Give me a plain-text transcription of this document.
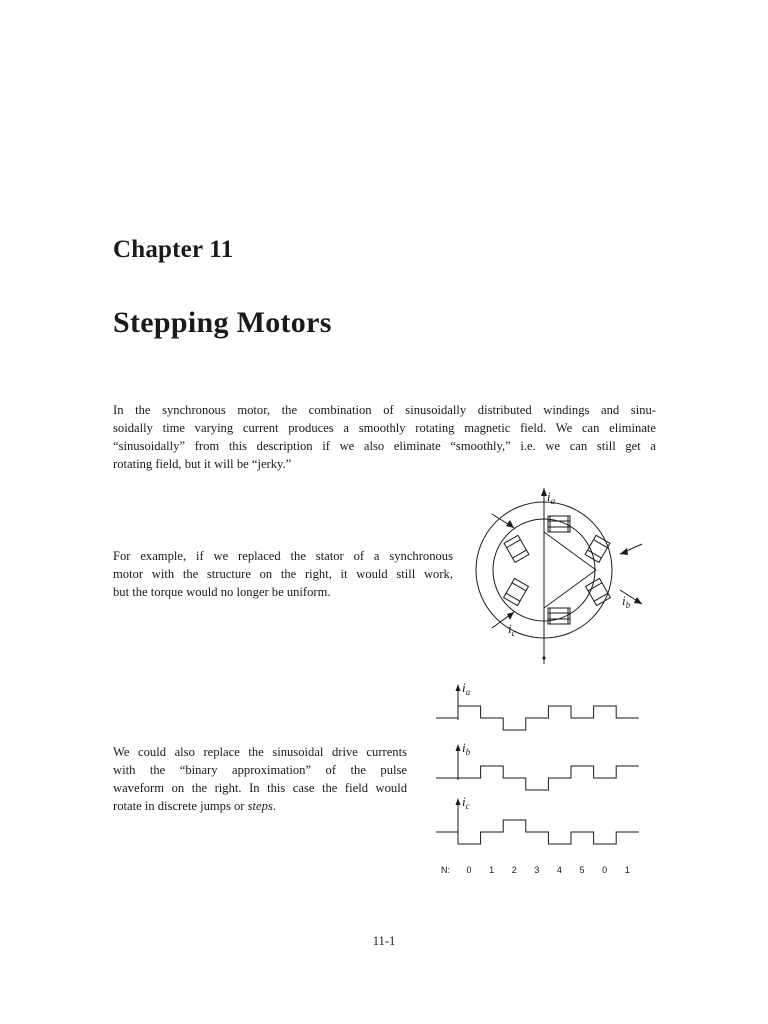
Chapter 11
Stepping Motors
In the synchronous motor, the combination of sinusoidally distributed windings and sinu-
soidally time varying current produces a smoothly rotating magnetic field. We can eliminate
“sinusoidally” from this description if we also eliminate “smoothly,” i.e. we can still get a
rotating field, but it will be “jerky.”
For example, if we replaced the stator of a synchronous
motor with the structure on the right, it would still work,
but the torque would no longer be uniform.
We could also replace the sinusoidal drive currents
with the “binary approximation” of the pulse
waveform on the right. In this case the field would
rotate in discrete jumps or steps.
$i_a$
$i_b$
$i_c$
$i_a$
$i_b$
$i_c$
N: 0 1 2 3 4 5 0 1
11-1
